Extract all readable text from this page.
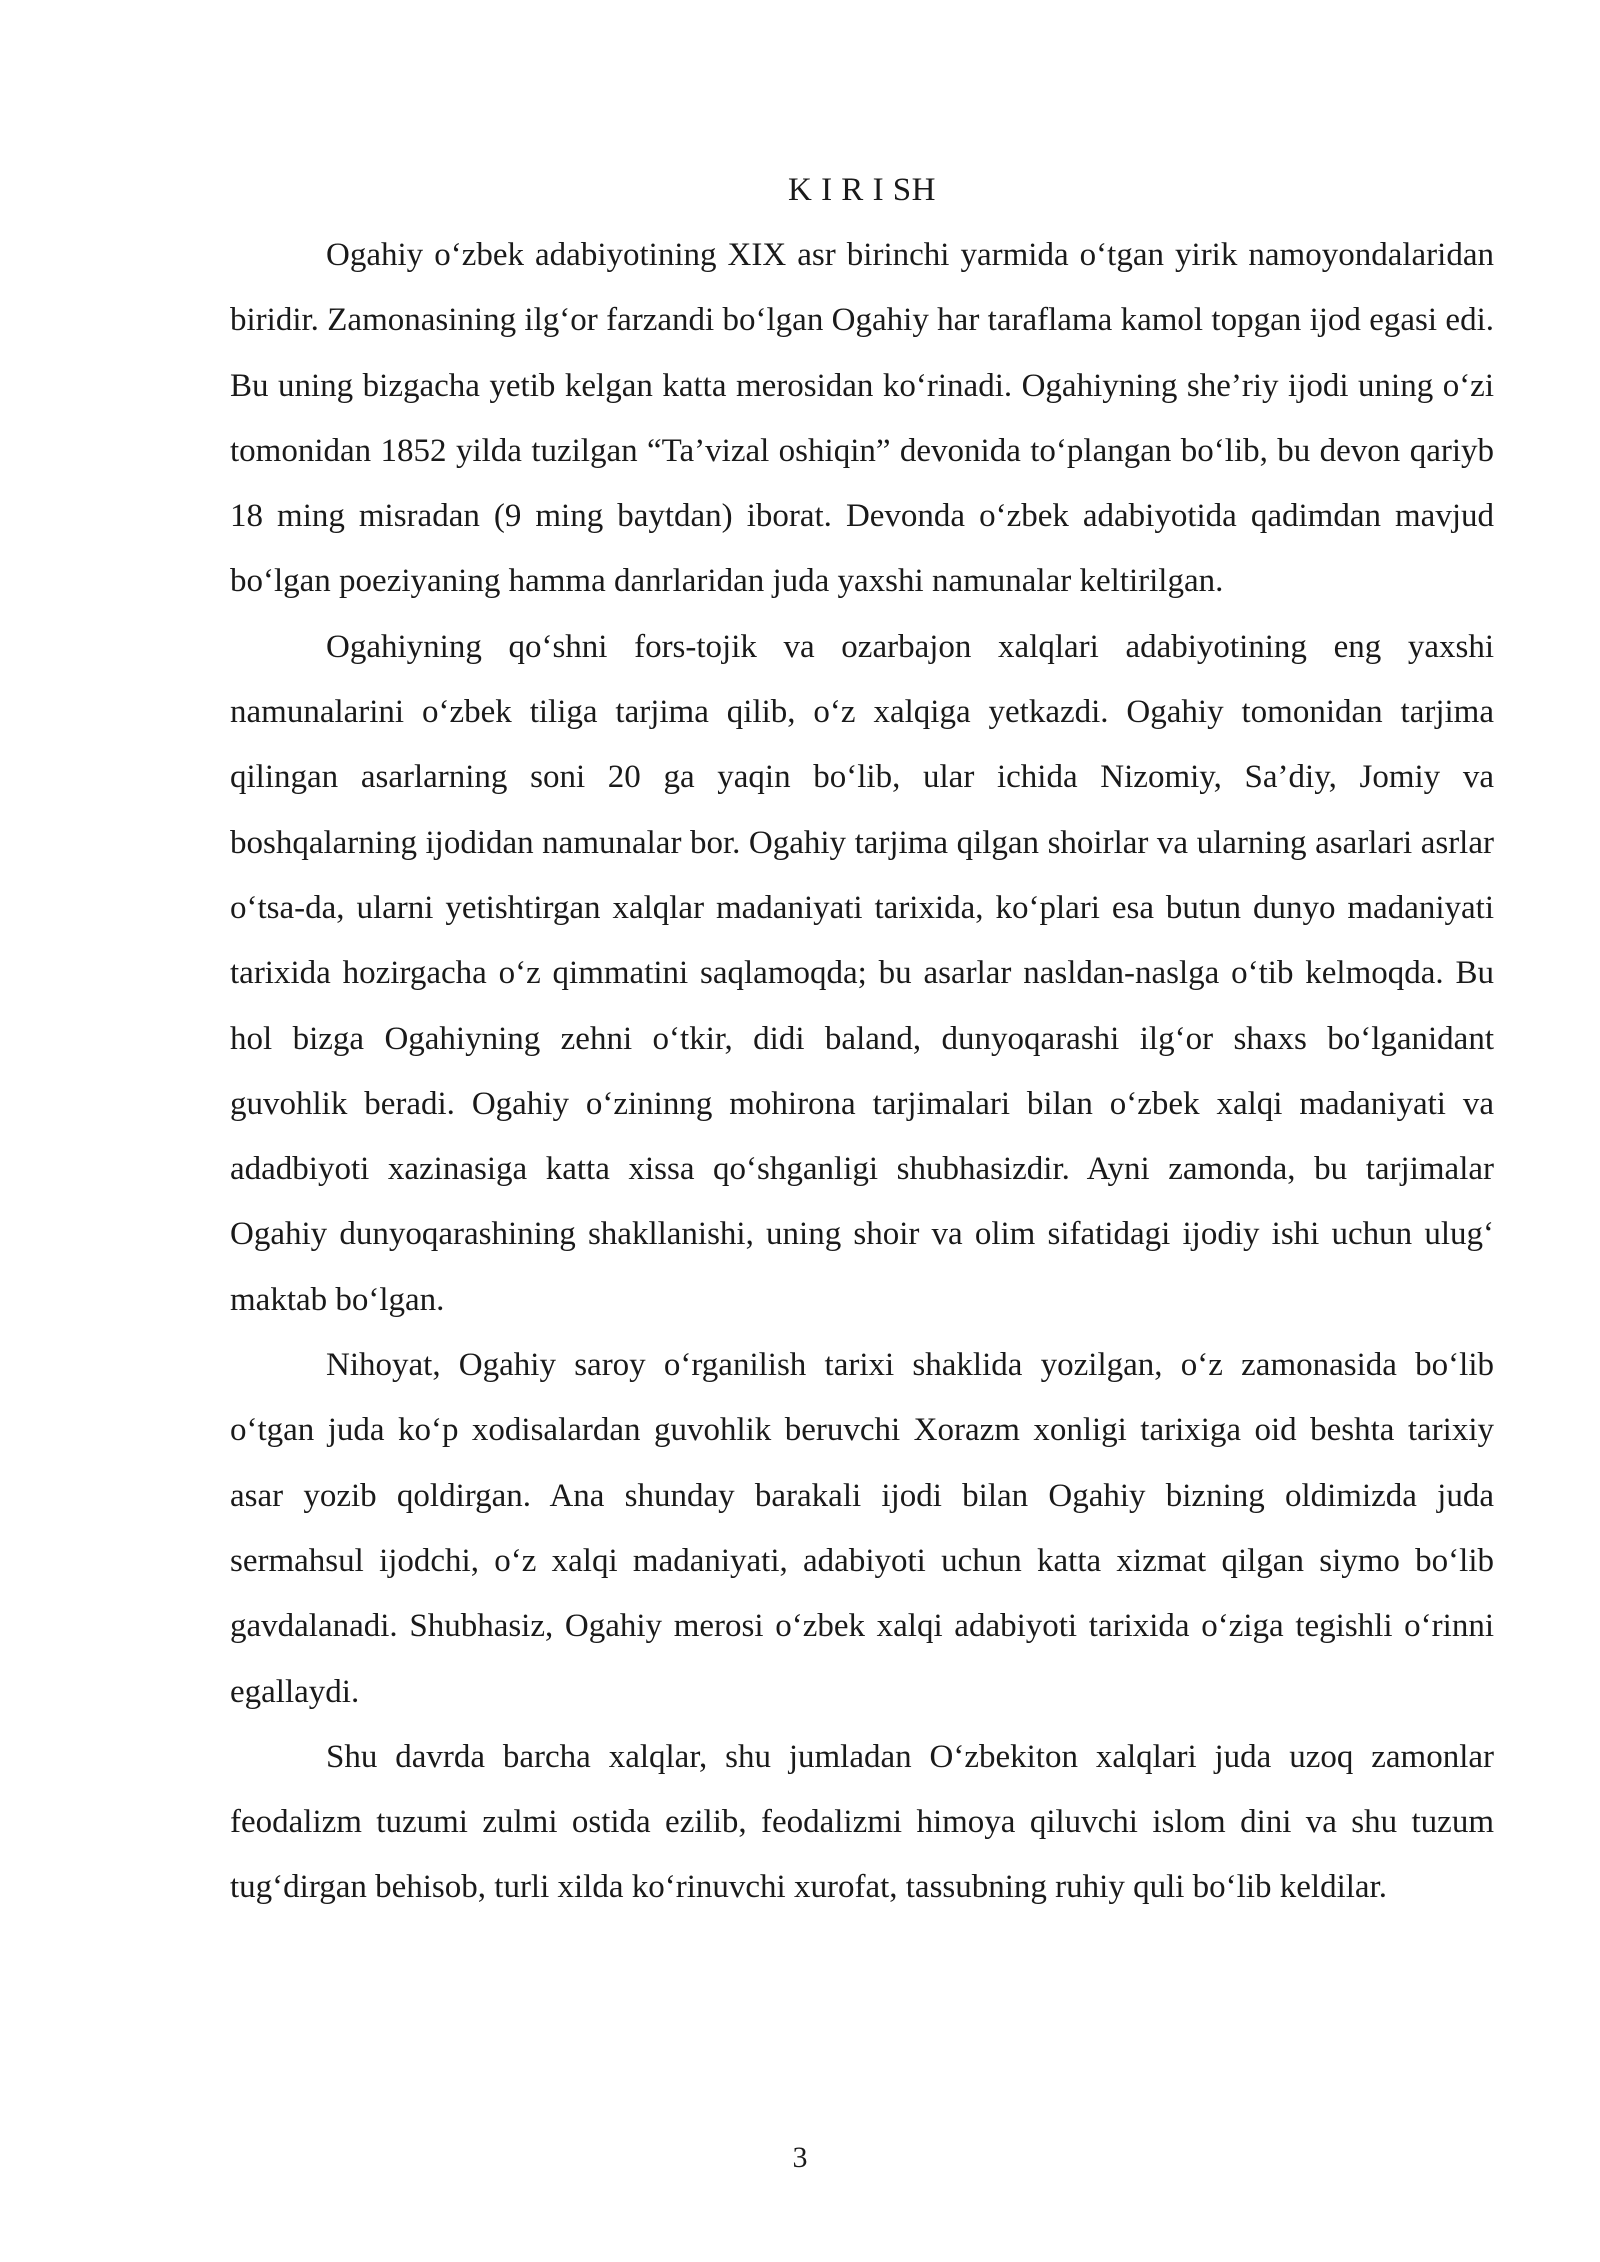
K I R I SH

Ogahiy o‘zbek adabiyotining XIX asr birinchi yarmida o‘tgan yirik namoyondalaridan biridir. Zamonasining ilg‘or farzandi bo‘lgan Ogahiy har taraflama kamol topgan ijod egasi edi. Bu uning bizgacha yetib kelgan katta merosidan ko‘rinadi. Ogahiyning she’riy ijodi uning o‘zi tomonidan 1852 yilda tuzilgan “Ta’vizal oshiqin” devonida to‘plangan bo‘lib, bu devon qariyb 18 ming misradan (9 ming baytdan) iborat. Devonda o‘zbek adabiyotida qadimdan mavjud bo‘lgan poeziyaning hamma danrlaridan juda yaxshi namunalar keltirilgan.

Ogahiyning qo‘shni fors-tojik va ozarbajon xalqlari adabiyotining eng yaxshi namunalarini o‘zbek tiliga tarjima qilib, o‘z xalqiga yetkazdi. Ogahiy tomonidan tarjima qilingan asarlarning soni 20 ga yaqin bo‘lib, ular ichida Nizomiy, Sa’diy, Jomiy va boshqalarning ijodidan namunalar bor. Ogahiy tarjima qilgan shoirlar va ularning asarlari asrlar o‘tsa-da, ularni yetishtirgan xalqlar madaniyati tarixida, ko‘plari esa butun dunyo madaniyati tarixida hozirgacha o‘z qimmatini saqlamoqda; bu asarlar nasldan-naslga o‘tib kelmoqda. Bu hol bizga Ogahiyning zehni o‘tkir, didi baland, dunyoqarashi ilg‘or shaxs bo‘lganidant guvohlik beradi. Ogahiy o‘zininng mohirona tarjimalari bilan o‘zbek xalqi madaniyati va adadbiyoti xazinasiga katta xissa qo‘shganligi shubhasizdir. Ayni zamonda, bu tarjimalar Ogahiy dunyoqarashining shakllanishi, uning shoir va olim sifatidagi ijodiy ishi uchun ulug‘ maktab bo‘lgan.

Nihoyat, Ogahiy saroy o‘rganilish tarixi shaklida yozilgan, o‘z zamonasida bo‘lib o‘tgan juda ko‘p xodisalardan guvohlik beruvchi Xorazm xonligi tarixiga oid beshta tarixiy asar yozib qoldirgan. Ana shunday barakali ijodi bilan Ogahiy bizning oldimizda juda sermahsul ijodchi, o‘z xalqi madaniyati, adabiyoti uchun katta xizmat qilgan siymo bo‘lib gavdalanadi. Shubhasiz, Ogahiy merosi o‘zbek xalqi adabiyoti tarixida o‘ziga tegishli o‘rinni egallaydi.

Shu davrda barcha xalqlar, shu jumladan O‘zbekiton xalqlari juda uzoq zamonlar feodalizm tuzumi zulmi ostida ezilib, feodalizmi himoya qiluvchi islom dini va shu tuzum tug‘dirgan behisob, turli xilda ko‘rinuvchi xurofat, tassubning ruhiy quli bo‘lib keldilar.

3
